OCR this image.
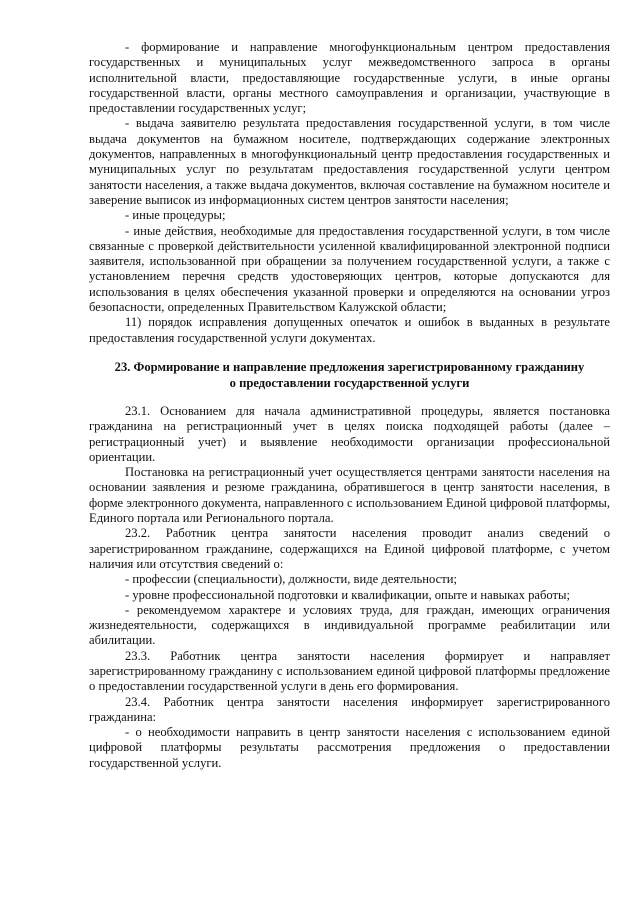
- формирование и направление многофункциональным центром предоставления государственных и муниципальных услуг межведомственного запроса в органы исполнительной власти, предоставляющие государственные услуги, в иные органы государственной власти, органы местного самоуправления и организации, участвующие в предоставлении государственных услуг;

- выдача заявителю результата предоставления государственной услуги, в том числе выдача документов на бумажном носителе, подтверждающих содержание электронных документов, направленных в многофункциональный центр предоставления государственных и муниципальных услуг по результатам предоставления государственной услуги центром занятости населения, а также выдача документов, включая составление на бумажном носителе и заверение выписок из информационных систем центров занятости населения;

- иные процедуры;

- иные действия, необходимые для предоставления государственной услуги, в том числе связанные с проверкой действительности усиленной квалифицированной электронной подписи заявителя, использованной при обращении за получением государственной услуги, а также с установлением перечня средств удостоверяющих центров, которые допускаются для использования в целях обеспечения указанной проверки и определяются на основании угроз безопасности, определенных Правительством Калужской области;

11) порядок исправления допущенных опечаток и ошибок в выданных в результате предоставления государственной услуги документах.

23. Формирование и направление предложения зарегистрированному гражданину
о предоставлении государственной услуги

23.1. Основанием для начала административной процедуры, является постановка гражданина на регистрационный учет в целях поиска подходящей работы (далее – регистрационный учет) и выявление необходимости организации профессиональной ориентации.

Постановка на регистрационный учет осуществляется центрами занятости населения на основании заявления и резюме гражданина, обратившегося в центр занятости населения, в форме электронного документа, направленного с использованием Единой цифровой платформы, Единого портала или Регионального портала.

23.2. Работник центра занятости населения проводит анализ сведений о зарегистрированном гражданине, содержащихся на Единой цифровой платформе, с учетом наличия или отсутствия сведений о:

- профессии (специальности), должности, виде деятельности;

- уровне профессиональной подготовки и квалификации, опыте и навыках работы;

- рекомендуемом характере и условиях труда, для граждан, имеющих ограничения жизнедеятельности, содержащихся в индивидуальной программе реабилитации или абилитации.

23.3. Работник центра занятости населения формирует и направляет зарегистрированному гражданину с использованием единой цифровой платформы предложение о предоставлении государственной услуги в день его формирования.

23.4. Работник центра занятости населения информирует зарегистрированного гражданина:

- о необходимости направить в центр занятости населения с использованием единой цифровой платформы результаты рассмотрения предложения о предоставлении государственной услуги.
